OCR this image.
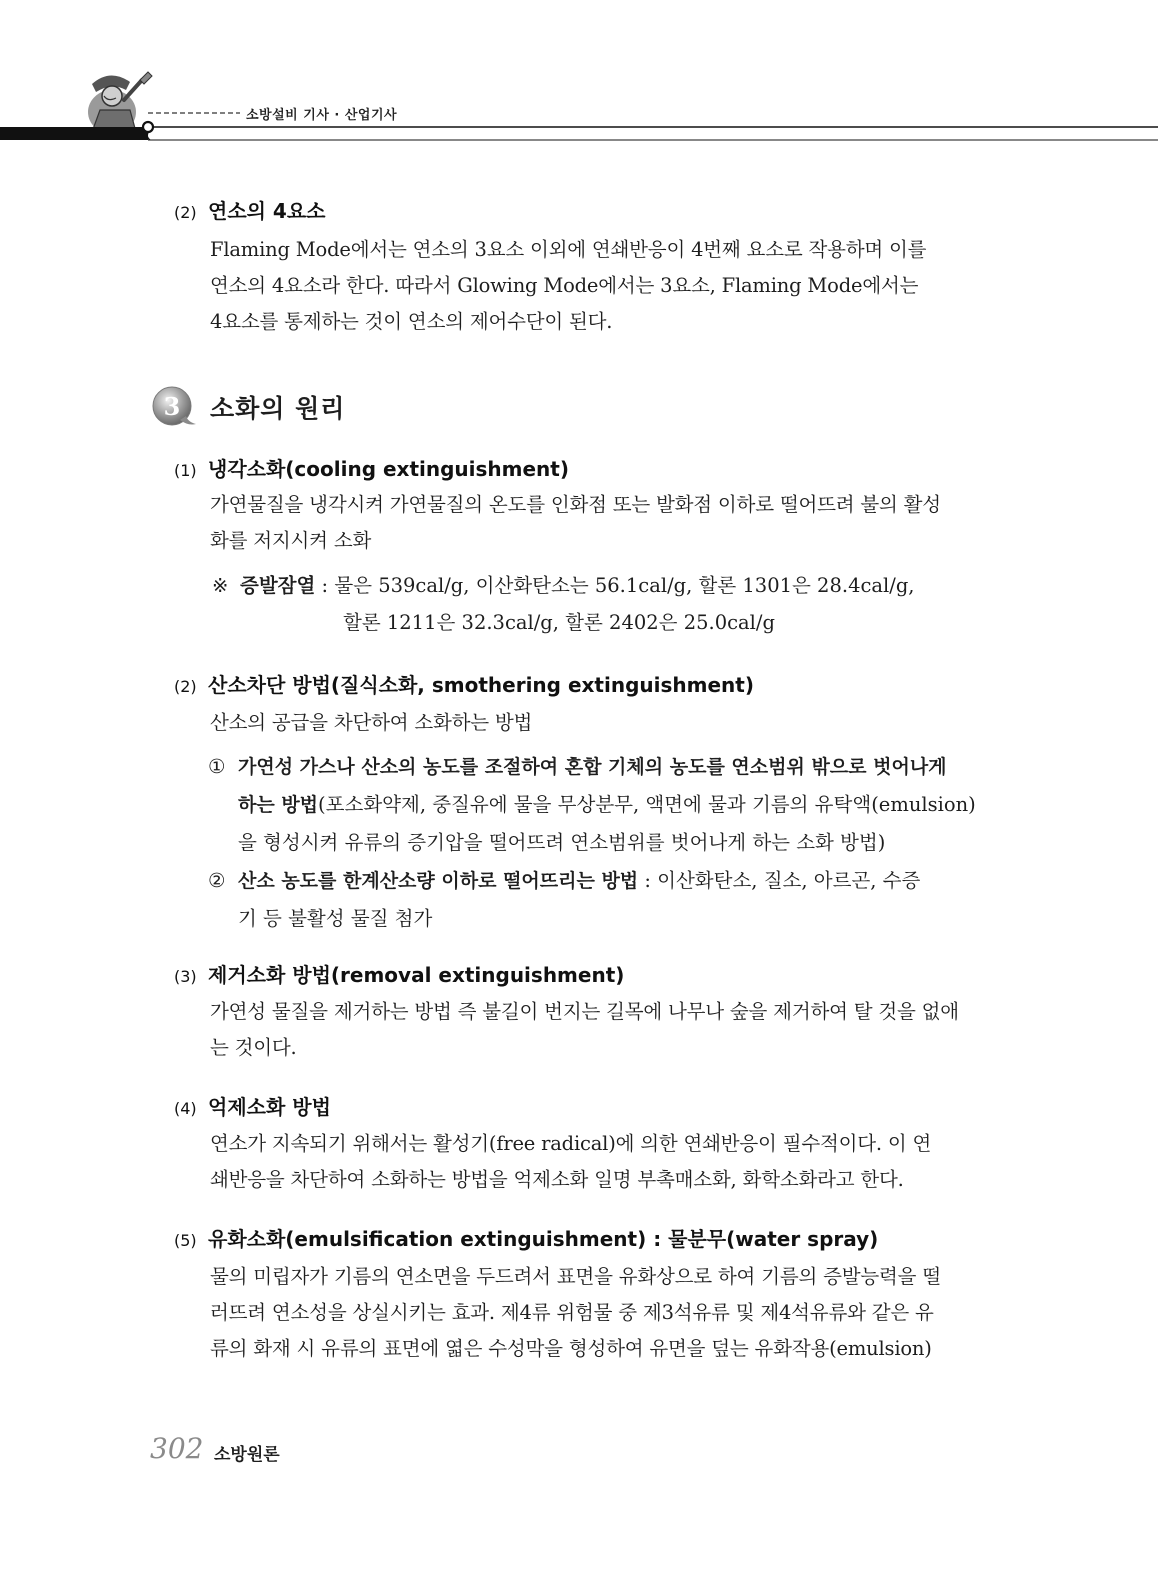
소방설비 기사 · 산업기사
(2) 연소의 4요소
Flaming Mode에서는 연소의 3요소 이외에 연쇄반응이 4번째 요소로 작용하며 이를
연소의 4요소라 한다. 따라서 Glowing Mode에서는 3요소, Flaming Mode에서는
4요소를 통제하는 것이 연소의 제어수단이 된다.
3 소화의 원리
(1) 냉각소화(cooling extinguishment)
가연물질을 냉각시켜 가연물질의 온도를 인화점 또는 발화점 이하로 떨어뜨려 불의 활성
화를 저지시켜 소화
※ 증발잠열 : 물은 539cal/g, 이산화탄소는 56.1cal/g, 할론 1301은 28.4cal/g,
할론 1211은 32.3cal/g, 할론 2402은 25.0cal/g
(2) 산소차단 방법(질식소화, smothering extinguishment)
산소의 공급을 차단하여 소화하는 방법
① 가연성 가스나 산소의 농도를 조절하여 혼합 기체의 농도를 연소범위 밖으로 벗어나게
하는 방법(포소화약제, 중질유에 물을 무상분무, 액면에 물과 기름의 유탁액(emulsion)
을 형성시켜 유류의 증기압을 떨어뜨려 연소범위를 벗어나게 하는 소화 방법)
② 산소 농도를 한계산소량 이하로 떨어뜨리는 방법 : 이산화탄소, 질소, 아르곤, 수증
기 등 불활성 물질 첨가
(3) 제거소화 방법(removal extinguishment)
가연성 물질을 제거하는 방법 즉 불길이 번지는 길목에 나무나 숲을 제거하여 탈 것을 없애
는 것이다.
(4) 억제소화 방법
연소가 지속되기 위해서는 활성기(free radical)에 의한 연쇄반응이 필수적이다. 이 연
쇄반응을 차단하여 소화하는 방법을 억제소화 일명 부촉매소화, 화학소화라고 한다.
(5) 유화소화(emulsification extinguishment) : 물분무(water spray)
물의 미립자가 기름의 연소면을 두드려서 표면을 유화상으로 하여 기름의 증발능력을 떨
러뜨려 연소성을 상실시키는 효과. 제4류 위험물 중 제3석유류 및 제4석유류와 같은 유
류의 화재 시 유류의 표면에 엷은 수성막을 형성하여 유면을 덮는 유화작용(emulsion)
302 소방원론
